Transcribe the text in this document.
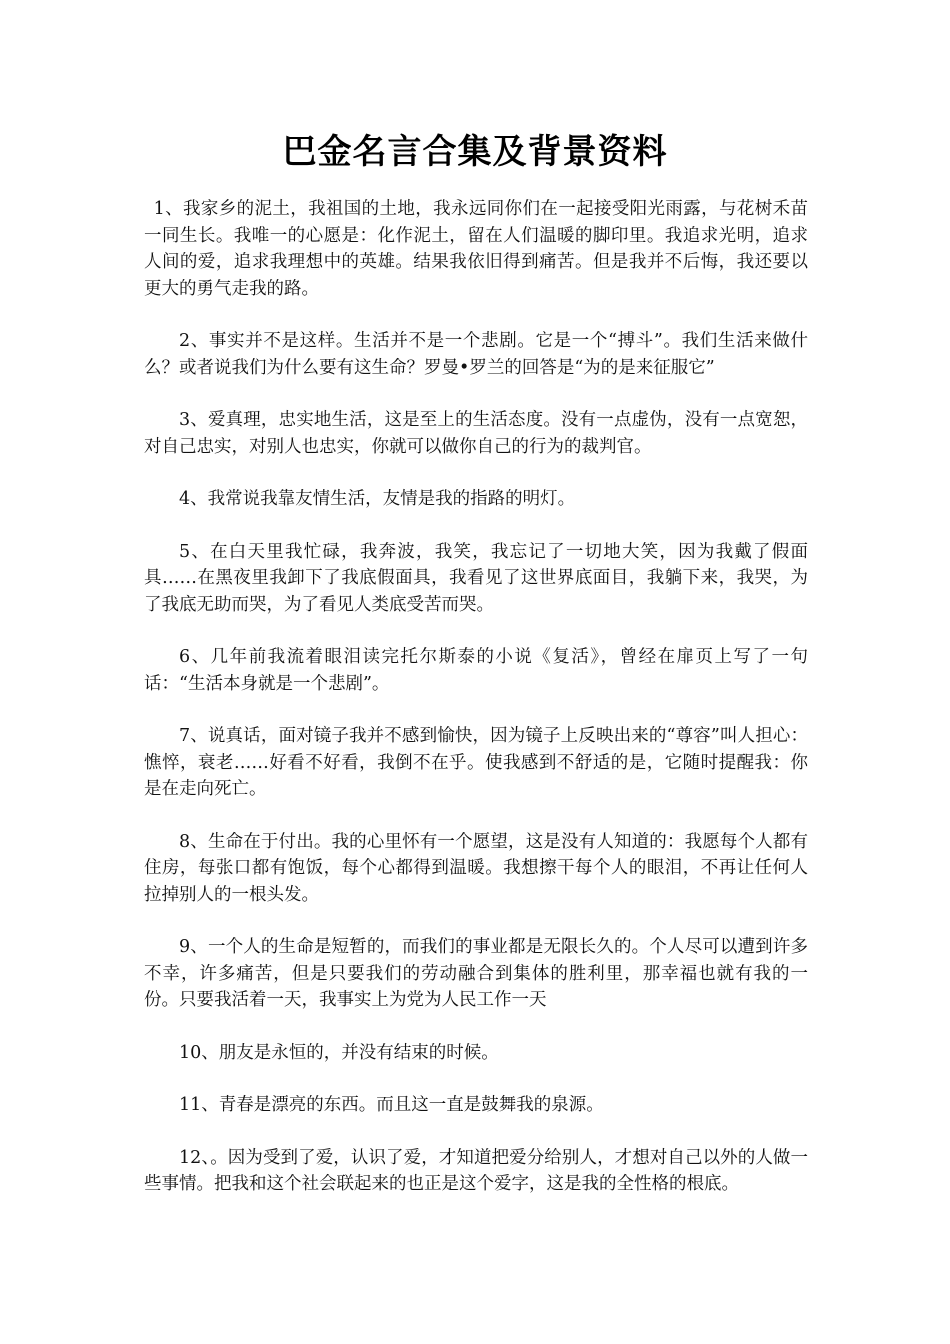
巴金名言合集及背景资料

1、我家乡的泥土，我祖国的土地，我永远同你们在一起接受阳光雨露，与花树禾苗一同生长。我唯一的心愿是：化作泥土，留在人们温暖的脚印里。我追求光明，追求人间的爱，追求我理想中的英雄。结果我依旧得到痛苦。但是我并不后悔，我还要以更大的勇气走我的路。

2、事实并不是这样。生活并不是一个悲剧。它是一个“搏斗”。我们生活来做什么？或者说我们为什么要有这生命？罗曼•罗兰的回答是“为的是来征服它”

3、爱真理，忠实地生活，这是至上的生活态度。没有一点虚伪，没有一点宽恕，对自己忠实，对别人也忠实，你就可以做你自己的行为的裁判官。

4、我常说我靠友情生活，友情是我的指路的明灯。

5、在白天里我忙碌，我奔波，我笑，我忘记了一切地大笑，因为我戴了假面具……在黑夜里我卸下了我底假面具，我看见了这世界底面目，我躺下来，我哭，为了我底无助而哭，为了看见人类底受苦而哭。

6、几年前我流着眼泪读完托尔斯泰的小说《复活》，曾经在扉页上写了一句话：“生活本身就是一个悲剧”。

7、说真话，面对镜子我并不感到愉快，因为镜子上反映出来的“尊容”叫人担心：憔悴，衰老……好看不好看，我倒不在乎。使我感到不舒适的是，它随时提醒我：你是在走向死亡。

8、生命在于付出。我的心里怀有一个愿望，这是没有人知道的：我愿每个人都有住房，每张口都有饱饭，每个心都得到温暖。我想擦干每个人的眼泪，不再让任何人拉掉别人的一根头发。

9、一个人的生命是短暂的，而我们的事业都是无限长久的。个人尽可以遭到许多不幸，许多痛苦，但是只要我们的劳动融合到集体的胜利里，那幸福也就有我的一份。只要我活着一天，我事实上为党为人民工作一天

10、朋友是永恒的，并没有结束的时候。

11、青春是漂亮的东西。而且这一直是鼓舞我的泉源。

12、。因为受到了爱，认识了爱，才知道把爱分给别人，才想对自己以外的人做一些事情。把我和这个社会联起来的也正是这个爱字，这是我的全性格的根底。
